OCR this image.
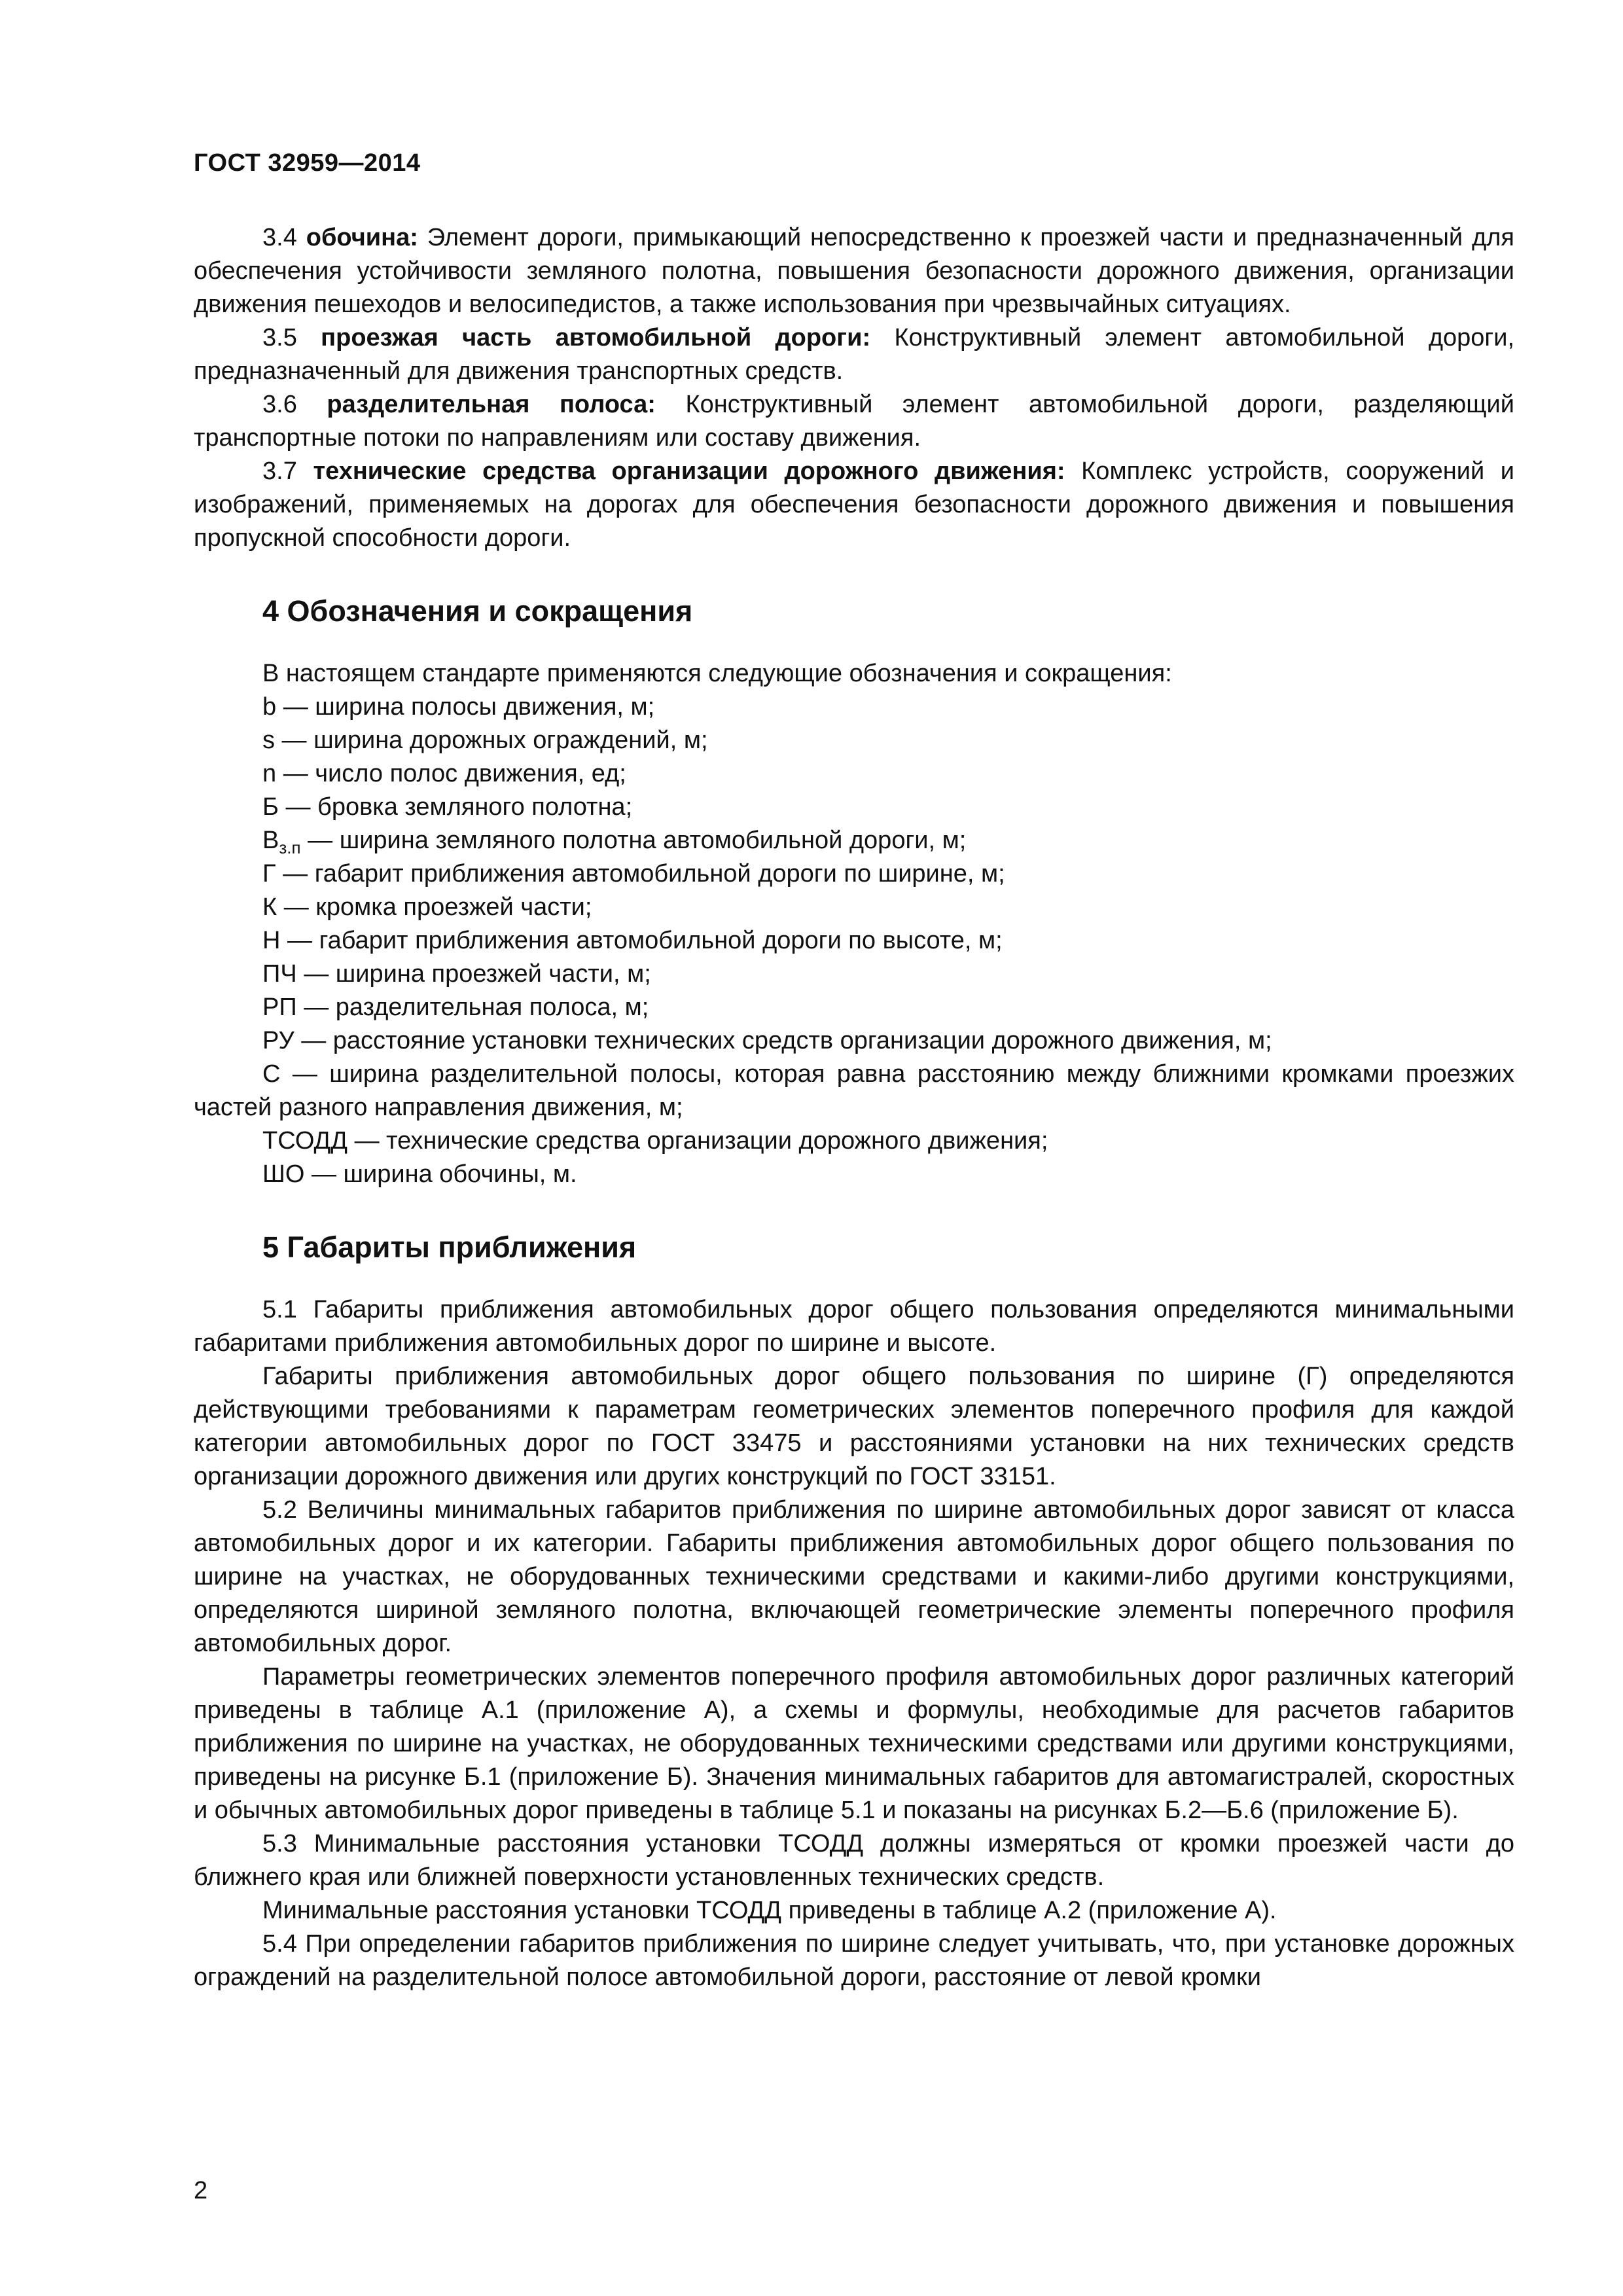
ГОСТ 32959—2014

3.4 обочина: Элемент дороги, примыкающий непосредственно к проезжей части и предназначенный для обеспечения устойчивости земляного полотна, повышения безопасности дорожного движения, организации движения пешеходов и велосипедистов, а также использования при чрезвычайных ситуациях.

3.5 проезжая часть автомобильной дороги: Конструктивный элемент автомобильной дороги, предназначенный для движения транспортных средств.

3.6 разделительная полоса: Конструктивный элемент автомобильной дороги, разделяющий транспортные потоки по направлениям или составу движения.

3.7 технические средства организации дорожного движения: Комплекс устройств, сооружений и изображений, применяемых на дорогах для обеспечения безопасности дорожного движения и повышения пропускной способности дороги.

4 Обозначения и сокращения

В настоящем стандарте применяются следующие обозначения и сокращения:

b — ширина полосы движения, м;

s — ширина дорожных ограждений, м;

n — число полос движения, ед;

Б — бровка земляного полотна;

$В_{з.п}$ — ширина земляного полотна автомобильной дороги, м;

Г — габарит приближения автомобильной дороги по ширине, м;

К — кромка проезжей части;

Н — габарит приближения автомобильной дороги по высоте, м;

ПЧ — ширина проезжей части, м;

РП — разделительная полоса, м;

РУ — расстояние установки технических средств организации дорожного движения, м;

С — ширина разделительной полосы, которая равна расстоянию между ближними кромками проезжих частей разного направления движения, м;

ТСОДД — технические средства организации дорожного движения;

ШО — ширина обочины, м.

5 Габариты приближения

5.1 Габариты приближения автомобильных дорог общего пользования определяются минимальными габаритами приближения автомобильных дорог по ширине и высоте.

Габариты приближения автомобильных дорог общего пользования по ширине (Г) определяются действующими требованиями к параметрам геометрических элементов поперечного профиля для каждой категории автомобильных дорог по ГОСТ 33475 и расстояниями установки на них технических средств организации дорожного движения или других конструкций по ГОСТ 33151.

5.2 Величины минимальных габаритов приближения по ширине автомобильных дорог зависят от класса автомобильных дорог и их категории. Габариты приближения автомобильных дорог общего пользования по ширине на участках, не оборудованных техническими средствами и какими-либо другими конструкциями, определяются шириной земляного полотна, включающей геометрические элементы поперечного профиля автомобильных дорог.

Параметры геометрических элементов поперечного профиля автомобильных дорог различных категорий приведены в таблице А.1 (приложение А), а схемы и формулы, необходимые для расчетов габаритов приближения по ширине на участках, не оборудованных техническими средствами или другими конструкциями, приведены на рисунке Б.1 (приложение Б). Значения минимальных габаритов для автомагистралей, скоростных и обычных автомобильных дорог приведены в таблице 5.1 и показаны на рисунках Б.2—Б.6 (приложение Б).

5.3 Минимальные расстояния установки ТСОДД должны измеряться от кромки проезжей части до ближнего края или ближней поверхности установленных технических средств.

Минимальные расстояния установки ТСОДД приведены в таблице А.2 (приложение А).

5.4 При определении габаритов приближения по ширине следует учитывать, что, при установке дорожных ограждений на разделительной полосе автомобильной дороги, расстояние от левой кромки

2
